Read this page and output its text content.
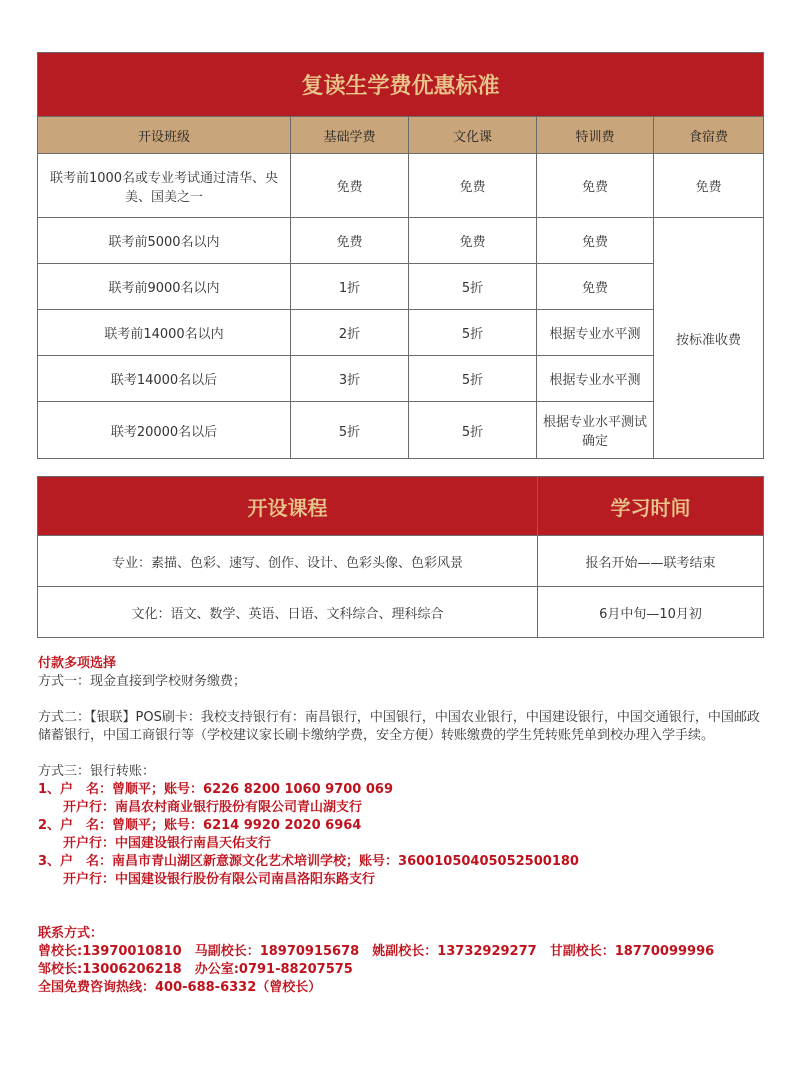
复读生学费优惠标准				
开设班级	基础学费	文化课	特训费	食宿费
联考前1000名或专业考试通过清华、央美、国美之一	免费	免费	免费	免费
联考前5000名以内	免费	免费	免费	按标准收费
联考前9000名以内	1折	5折	免费	
联考前14000名以内	2折	5折	根据专业水平测	
联考14000名以后	3折	5折	根据专业水平测	
联考20000名以后	5折	5折	根据专业水平测试确定	
开设课程	学习时间
专业：素描、色彩、速写、创作、设计、色彩头像、色彩风景	报名开始——联考结束
文化：语文、数学、英语、日语、文科综合、理科综合	6月中旬—10月初

付款多项选择

方式一：现金直接到学校财务缴费；

方式二：【银联】POS刷卡：我校支持银行有：南昌银行，中国银行，中国农业银行，中国建设银行，中国交通银行，中国邮政储蓄银行，中国工商银行等（学校建议家长刷卡缴纳学费，安全方便）转账缴费的学生凭转账凭单到校办理入学手续。

方式三：银行转账：

1、户　名：曾顺平；账号：6226 8200 1060 9700 069

开户行：南昌农村商业银行股份有限公司青山湖支行

2、户　名：曾顺平；账号：6214 9920 2020 6964

开户行：中国建设银行南昌天佑支行

3、户　名：南昌市青山湖区新意源文化艺术培训学校；账号：36001050405052500180

开户行：中国建设银行股份有限公司南昌洛阳东路支行

联系方式：

曾校长:13970010810　马副校长：18970915678　姚副校长：13732929277　甘副校长：18770099996

邹校长:13006206218　办公室:0791-88207575

全国免费咨询热线：400-688-6332（曾校长）
